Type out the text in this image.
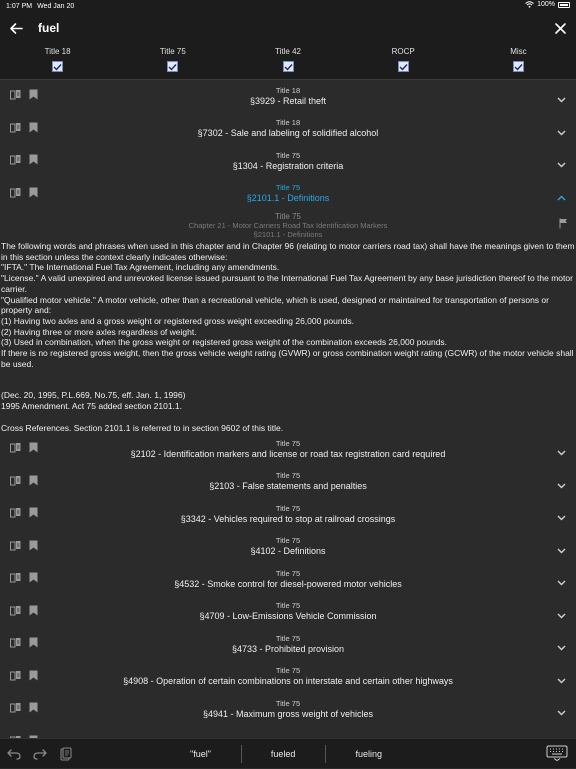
1:07 PM Wed Jan 20	100%
fuel
Title 18	Title 75	Title 42	ROCP	Misc
Title 18
§3929 - Retail theft
Title 18
§7302 - Sale and labeling of solidified alcohol
Title 75
§1304 - Registration criteria
Title 75
§2101.1 - Definitions
Title 75
Chapter 21 - Motor Carriers Road Tax Identification Markers
§2101.1 - Definitions

The following words and phrases when used in this chapter and in Chapter 96 (relating to motor carriers road tax) shall have the meanings given to them in this section unless the context clearly indicates otherwise:

"IFTA." The International Fuel Tax Agreement, including any amendments.

"License." A valid unexpired and unrevoked license issued pursuant to the International Fuel Tax Agreement by any base jurisdiction thereof to the motor carrier.

"Qualified motor vehicle." A motor vehicle, other than a recreational vehicle, which is used, designed or maintained for transportation of persons or property and:

(1) Having two axles and a gross weight or registered gross weight exceeding 26,000 pounds.

(2) Having three or more axles regardless of weight.

(3) Used in combination, when the gross weight or registered gross weight of the combination exceeds 26,000 pounds.

If there is no registered gross weight, then the gross vehicle weight rating (GVWR) or gross combination weight rating (GCWR) of the motor vehicle shall be used.

(Dec. 20, 1995, P.L.669, No.75, eff. Jan. 1, 1996)

1995 Amendment. Act 75 added section 2101.1.

Cross References. Section 2101.1 is referred to in section 9602 of this title.

Title 75
§2102 - Identification markers and license or road tax registration card required
Title 75
§2103 - False statements and penalties
Title 75
§3342 - Vehicles required to stop at railroad crossings
Title 75
§4102 - Definitions
Title 75
§4532 - Smoke control for diesel-powered motor vehicles
Title 75
§4709 - Low-Emissions Vehicle Commission
Title 75
§4733 - Prohibited provision
Title 75
§4908 - Operation of certain combinations on interstate and certain other highways
Title 75
§4941 - Maximum gross weight of vehicles
"fuel"	fueled	fueling
